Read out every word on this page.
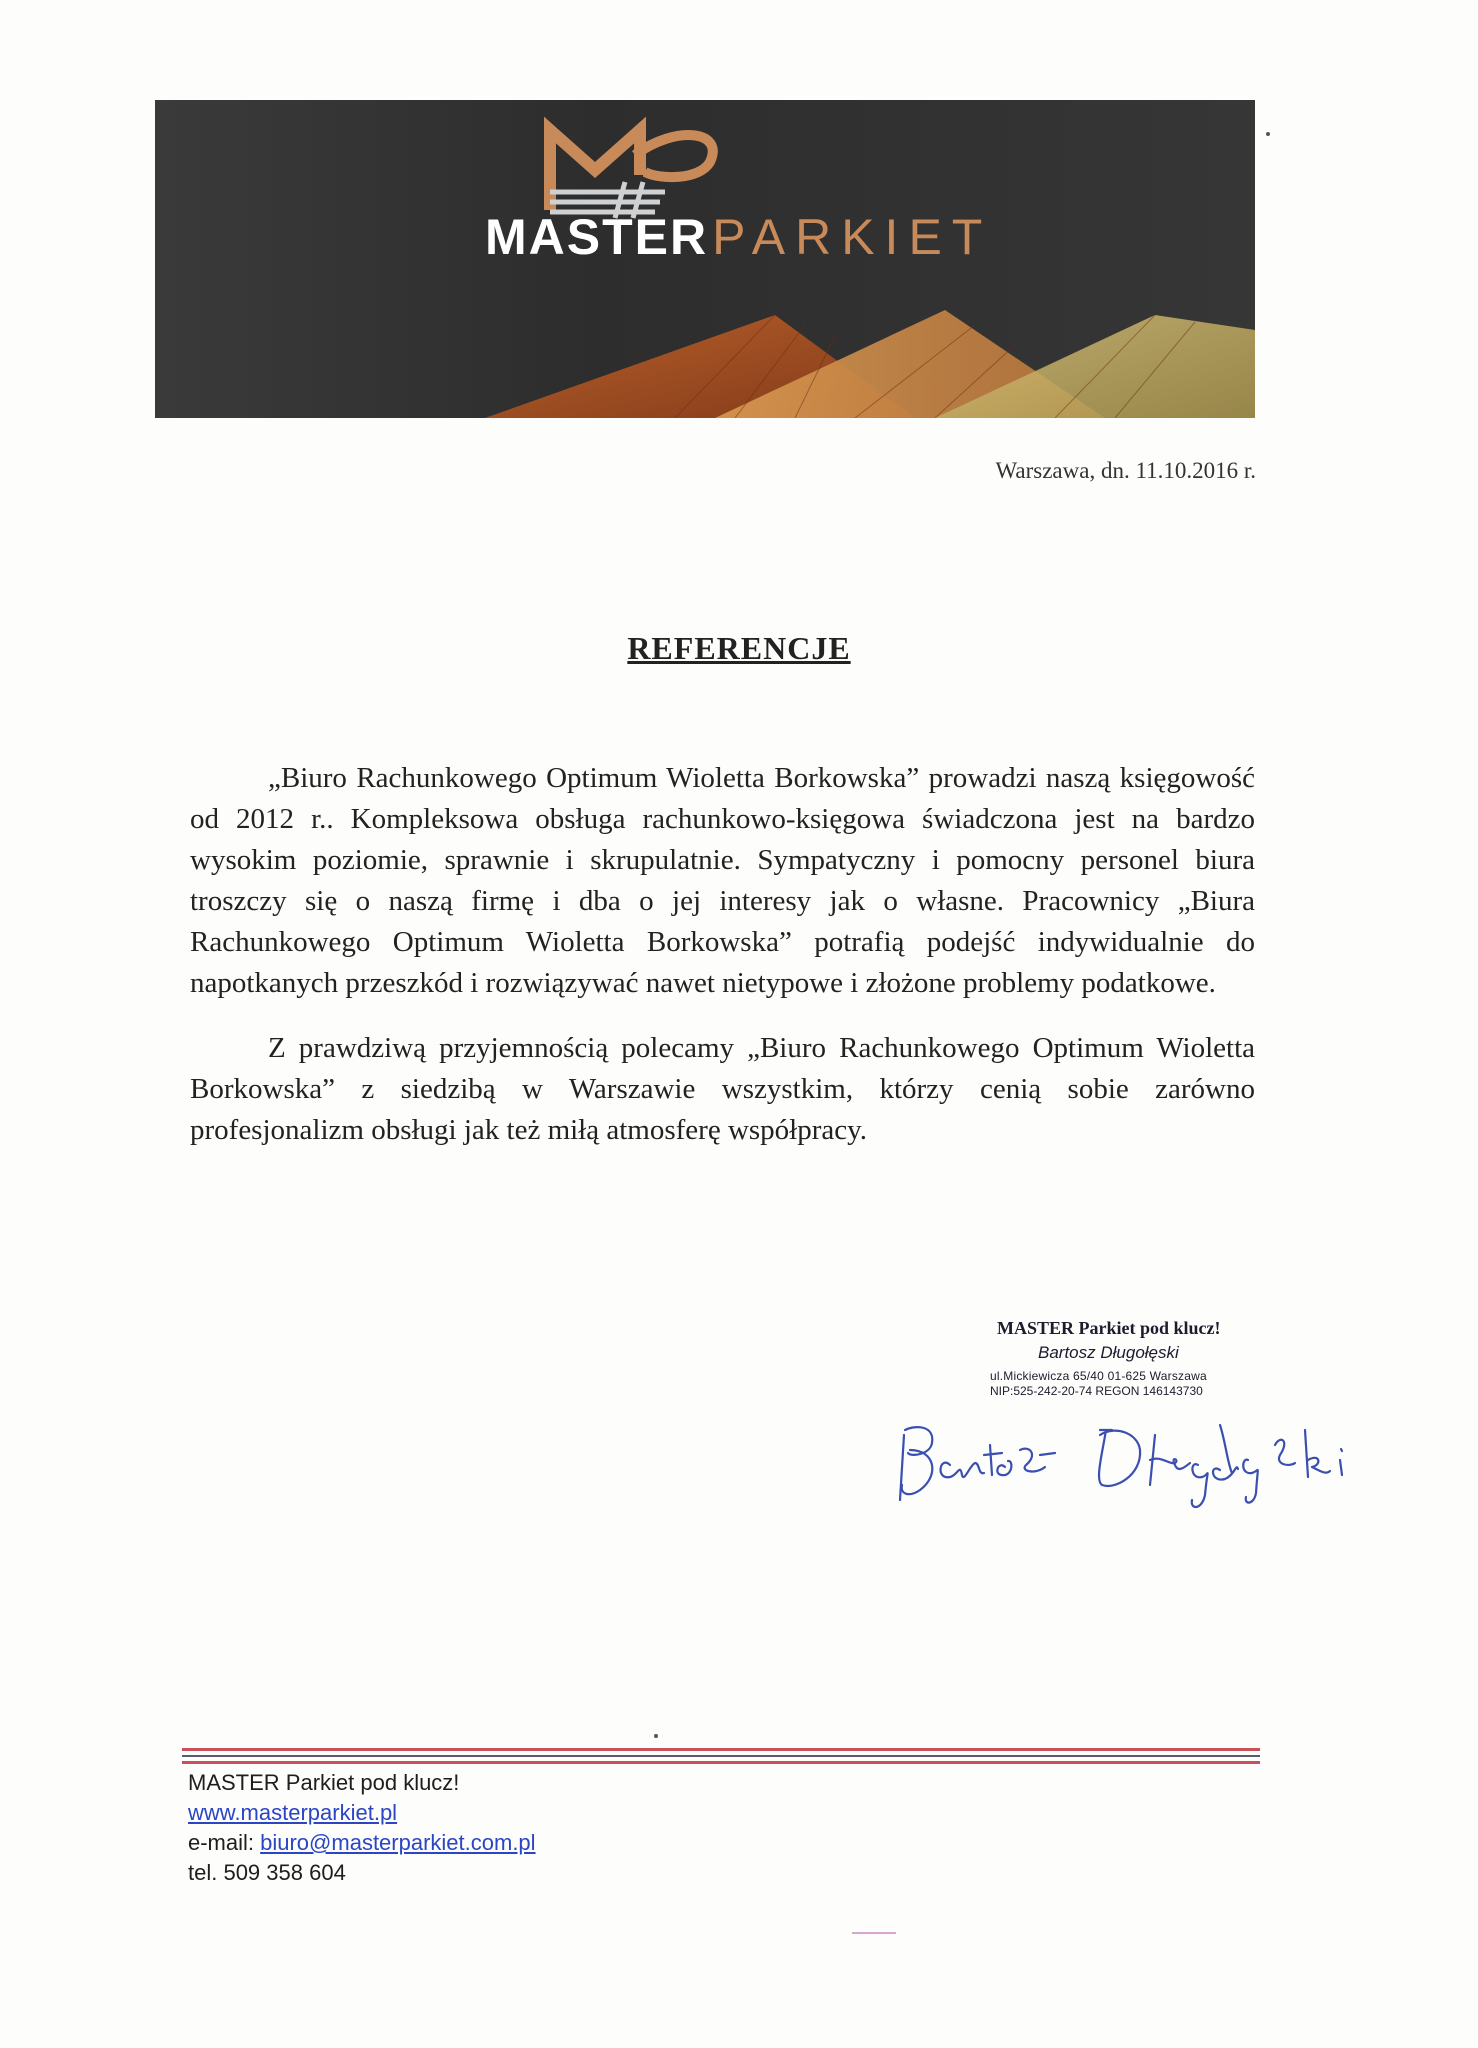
MASTERPARKIET
Warszawa, dn. 11.10.2016 r.
REFERENCJE

„Biuro Rachunkowego Optimum Wioletta Borkowska” prowadzi naszą księgowość od 2012 r.. Kompleksowa obsługa rachunkowo-księgowa świadczona jest na bardzo wysokim poziomie, sprawnie i skrupulatnie. Sympatyczny i pomocny personel biura troszczy się o naszą firmę i dba o jej interesy jak o własne. Pracownicy „Biura Rachunkowego Optimum Wioletta Borkowska” potrafią podejść indywidualnie do napotkanych przeszkód i rozwiązywać nawet nietypowe i złożone problemy podatkowe.

Z prawdziwą przyjemnością polecamy „Biuro Rachunkowego Optimum Wioletta Borkowska” z siedzibą w Warszawie wszystkim, którzy cenią sobie zarówno profesjonalizm obsługi jak też miłą atmosferę współpracy.

MASTER Parkiet pod klucz!
Bartosz Długołęski
ul.Mickiewicza 65/40 01-625 Warszawa
NIP:525-242-20-74 REGON 146143730
MASTER Parkiet pod klucz!
www.masterparkiet.pl
e-mail: biuro@masterparkiet.com.pl
tel. 509 358 604
